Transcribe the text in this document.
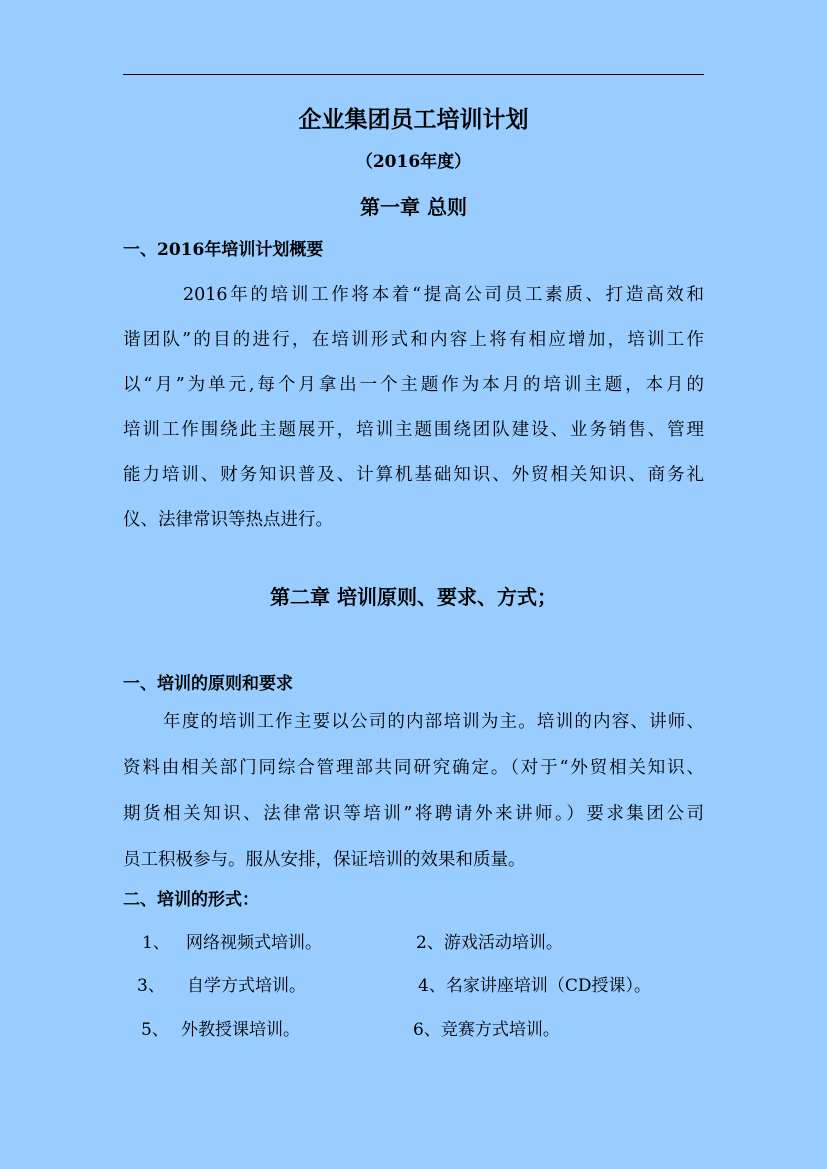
企业集团员工培训计划
（2016年度）
第一章 总则
一、2016年培训计划概要
2016年的培训工作将本着“提高公司员工素质、打造高效和
谐团队”的目的进行，在培训形式和内容上将有相应增加，培训工作
以“月”为单元,每个月拿出一个主题作为本月的培训主题，本月的
培训工作围绕此主题展开，培训主题围绕团队建设、业务销售、管理
能力培训、财务知识普及、计算机基础知识、外贸相关知识、商务礼
仪、法律常识等热点进行。
第二章 培训原则、要求、方式；
一、培训的原则和要求
年度的培训工作主要以公司的内部培训为主。培训的内容、讲师、
资料由相关部门同综合管理部共同研究确定。（对于“外贸相关知识、
期货相关知识、法律常识等培训”将聘请外来讲师。）要求集团公司
员工积极参与。服从安排，保证培训的效果和质量。
二、培训的形式：
1、 网络视频式培训。	2、游戏活动培训。
3、 自学方式培训。	4、名家讲座培训（CD授课）。
5、 外教授课培训。	6、竞赛方式培训。
